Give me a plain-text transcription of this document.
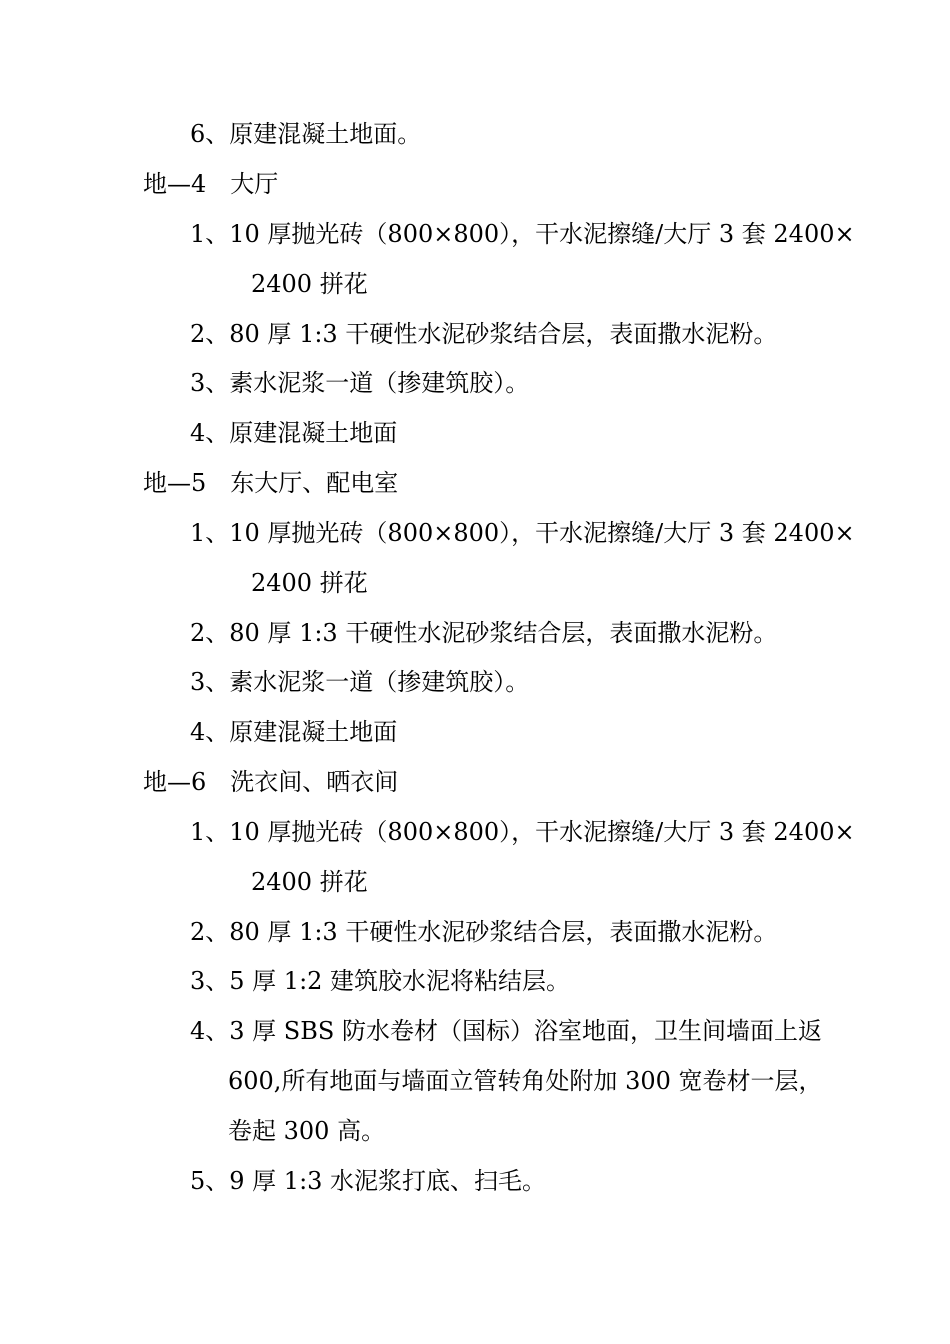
6、原建混凝土地面。
地—4　大厅
1、10 厚抛光砖（800×800），干水泥擦缝/大厅 3 套 2400×
2400 拼花
2、80 厚 1:3 干硬性水泥砂浆结合层，表面撒水泥粉。
3、素水泥浆一道（掺建筑胶）。
4、原建混凝土地面
地—5　东大厅、配电室
1、10 厚抛光砖（800×800），干水泥擦缝/大厅 3 套 2400×
2400 拼花
2、80 厚 1:3 干硬性水泥砂浆结合层，表面撒水泥粉。
3、素水泥浆一道（掺建筑胶）。
4、原建混凝土地面
地—6　洗衣间、晒衣间
1、10 厚抛光砖（800×800），干水泥擦缝/大厅 3 套 2400×
2400 拼花
2、80 厚 1:3 干硬性水泥砂浆结合层，表面撒水泥粉。
3、5 厚 1:2 建筑胶水泥将粘结层。
4、3 厚 SBS 防水卷材（国标）浴室地面，卫生间墙面上返
600,所有地面与墙面立管转角处附加 300 宽卷材一层，
卷起 300 高。
5、9 厚 1:3 水泥浆打底、扫毛。
